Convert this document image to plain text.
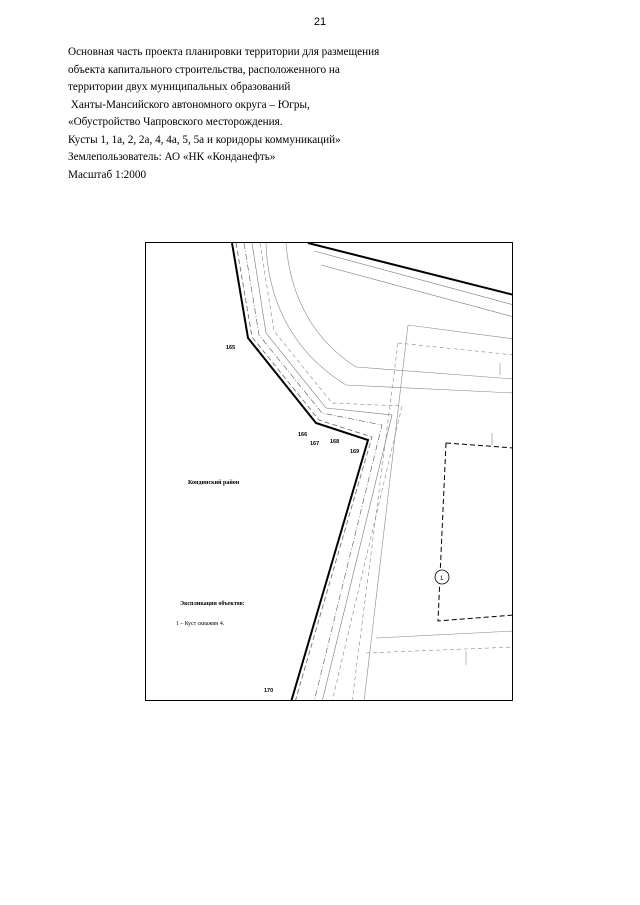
21
Основная часть проекта планировки территории для размещения
объекта капитального строительства, расположенного на
территории двух муниципальных образований
Ханты-Мансийского автономного округа – Югры,
«Обустройство Чапровского месторождения.
Кусты 1, 1а, 2, 2а, 4, 4а, 5, 5а и коридоры коммуникаций»
Землепользователь: АО «НК «Конданефть»
Масштаб 1:2000
165
166
167 168
169
170
Кондинский район
Экспликация объектов:
1 – Куст скважин 4.
1
